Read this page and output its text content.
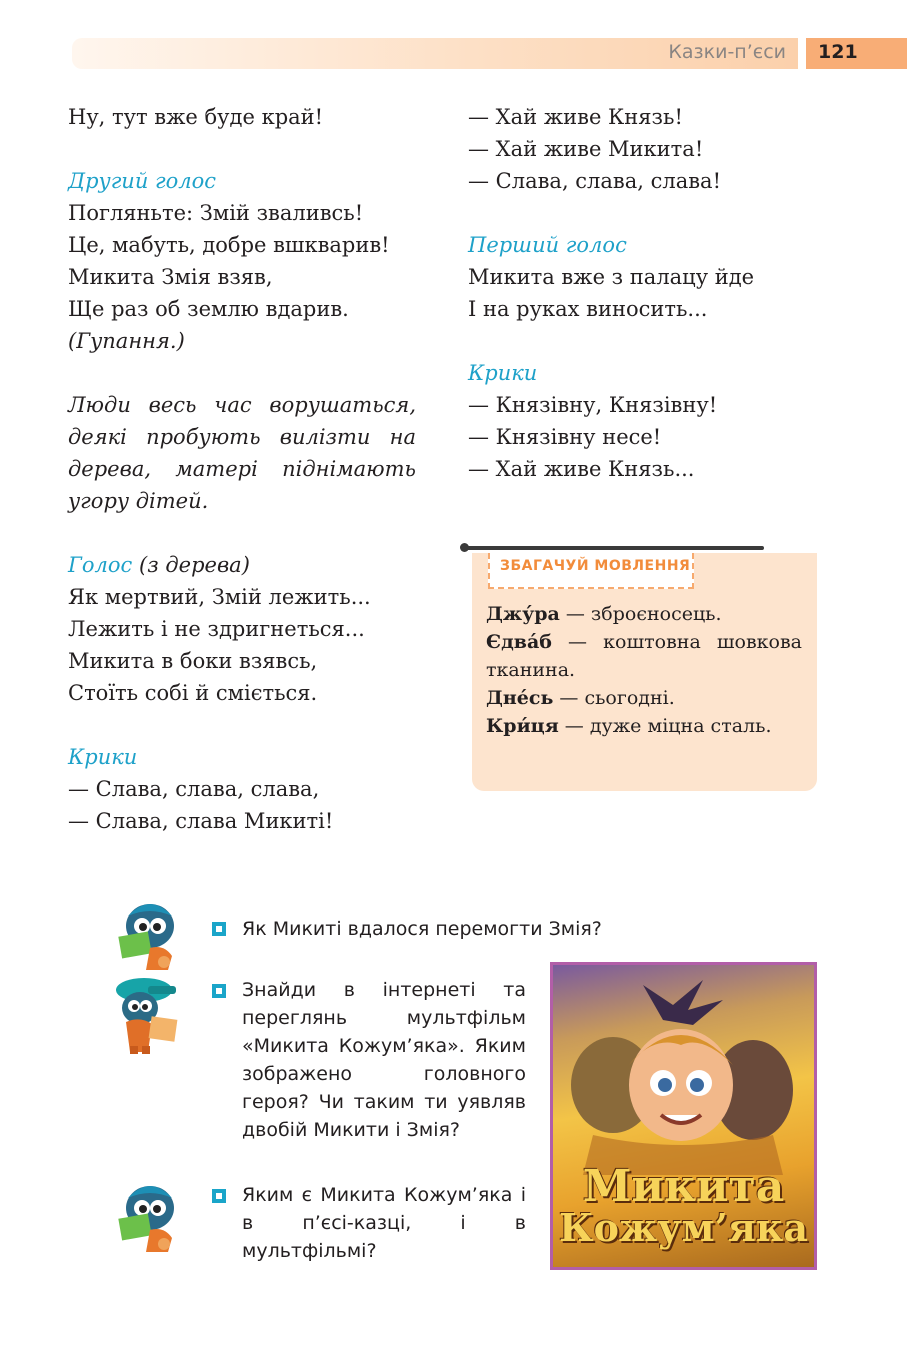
Казки-п’єси	121
Ну, тут вже буде край!
Другий голос
Погляньте: Змій зваливсь!
Це, мабуть, добре вшкварив!
Микита Змія взяв,
Ще раз об землю вдарив.
(Гупання.)
Люди весь час ворушаться, деякі пробують вилізти на дерева, матері піднімають угору дітей.
Голос (з дерева)
Як мертвий, Змій лежить...
Лежить і не здригнеться...
Микита в боки взявсь,
Стоїть собі й сміється.
Крики
— Слава, слава, слава,
— Слава, слава Микиті!
— Хай живе Князь!
— Хай живе Микита!
— Слава, слава, слава!
Перший голос
Микита вже з палацу йде
І на руках виносить...
Крики
— Князівну, Князівну!
— Князівну несе!
— Хай живе Князь...
ЗБАГАЧУЙ МОВЛЕННЯ

Джу́ра — зброєносець.

Єдва́б — коштовна шовкова тканина.

Дне́сь — сьогодні.

Кри́ця — дуже міцна сталь.

Як Микиті вдалося перемогти Змія?
Знайди в інтернеті та переглянь мультфільм «Микита Кожум’яка». Яким зображено головного героя? Чи таким ти уявляв двобій Микити і Змія?
Яким є Микита Кожум’яка і в п’єсі-казці, і в мультфільмі?
Микита
Кожум’яка
